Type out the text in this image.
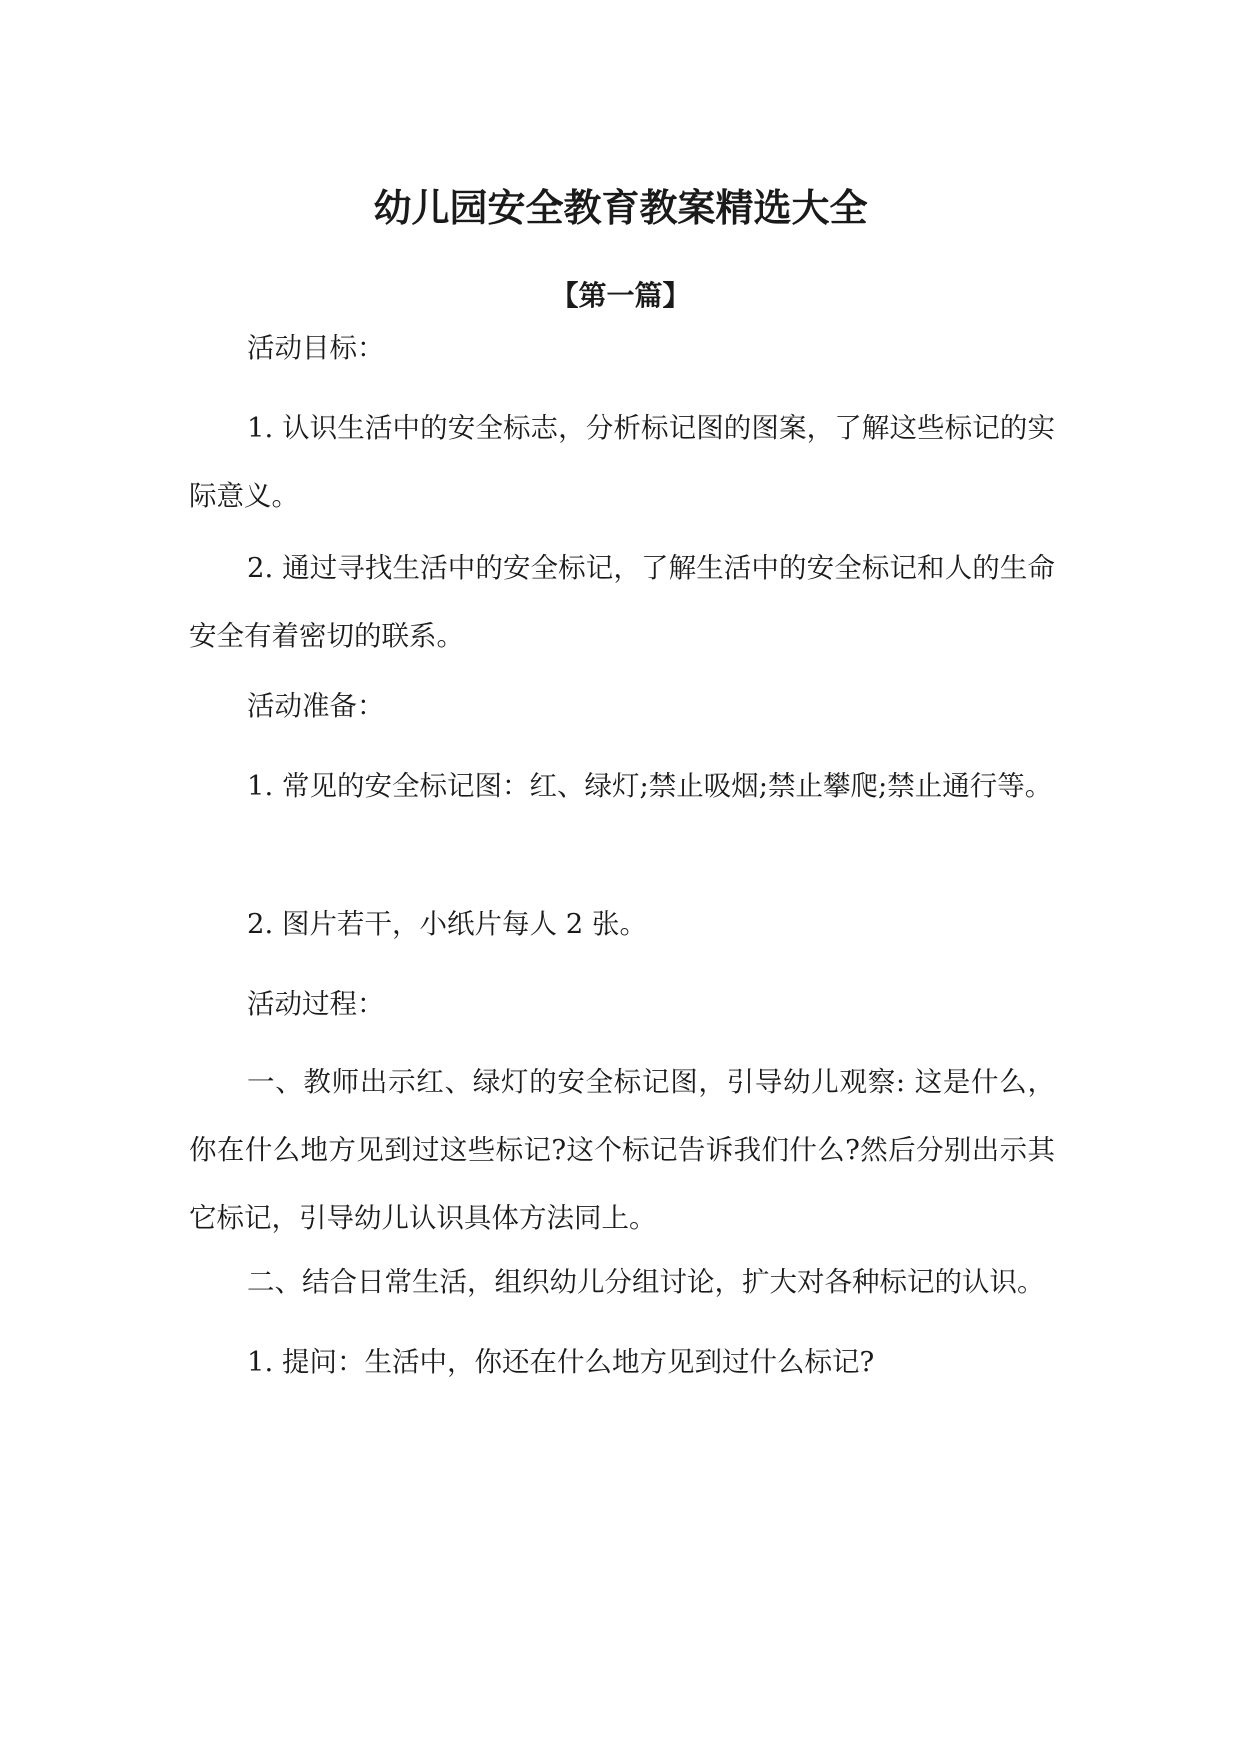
幼儿园安全教育教案精选大全
【第一篇】

活动目标：

1. 认识生活中的安全标志，分析标记图的图案，了解这些标记的实际意义。

2. 通过寻找生活中的安全标记，了解生活中的安全标记和人的生命安全有着密切的联系。

活动准备：

1. 常见的安全标记图：红、绿灯;禁止吸烟;禁止攀爬;禁止通行等。

2. 图片若干，小纸片每人 2 张。

活动过程：

一、教师出示红、绿灯的安全标记图，引导幼儿观察: 这是什么，你在什么地方见到过这些标记?这个标记告诉我们什么?然后分别出示其它标记，引导幼儿认识具体方法同上。

二、结合日常生活，组织幼儿分组讨论，扩大对各种标记的认识。

1. 提问：生活中，你还在什么地方见到过什么标记?
